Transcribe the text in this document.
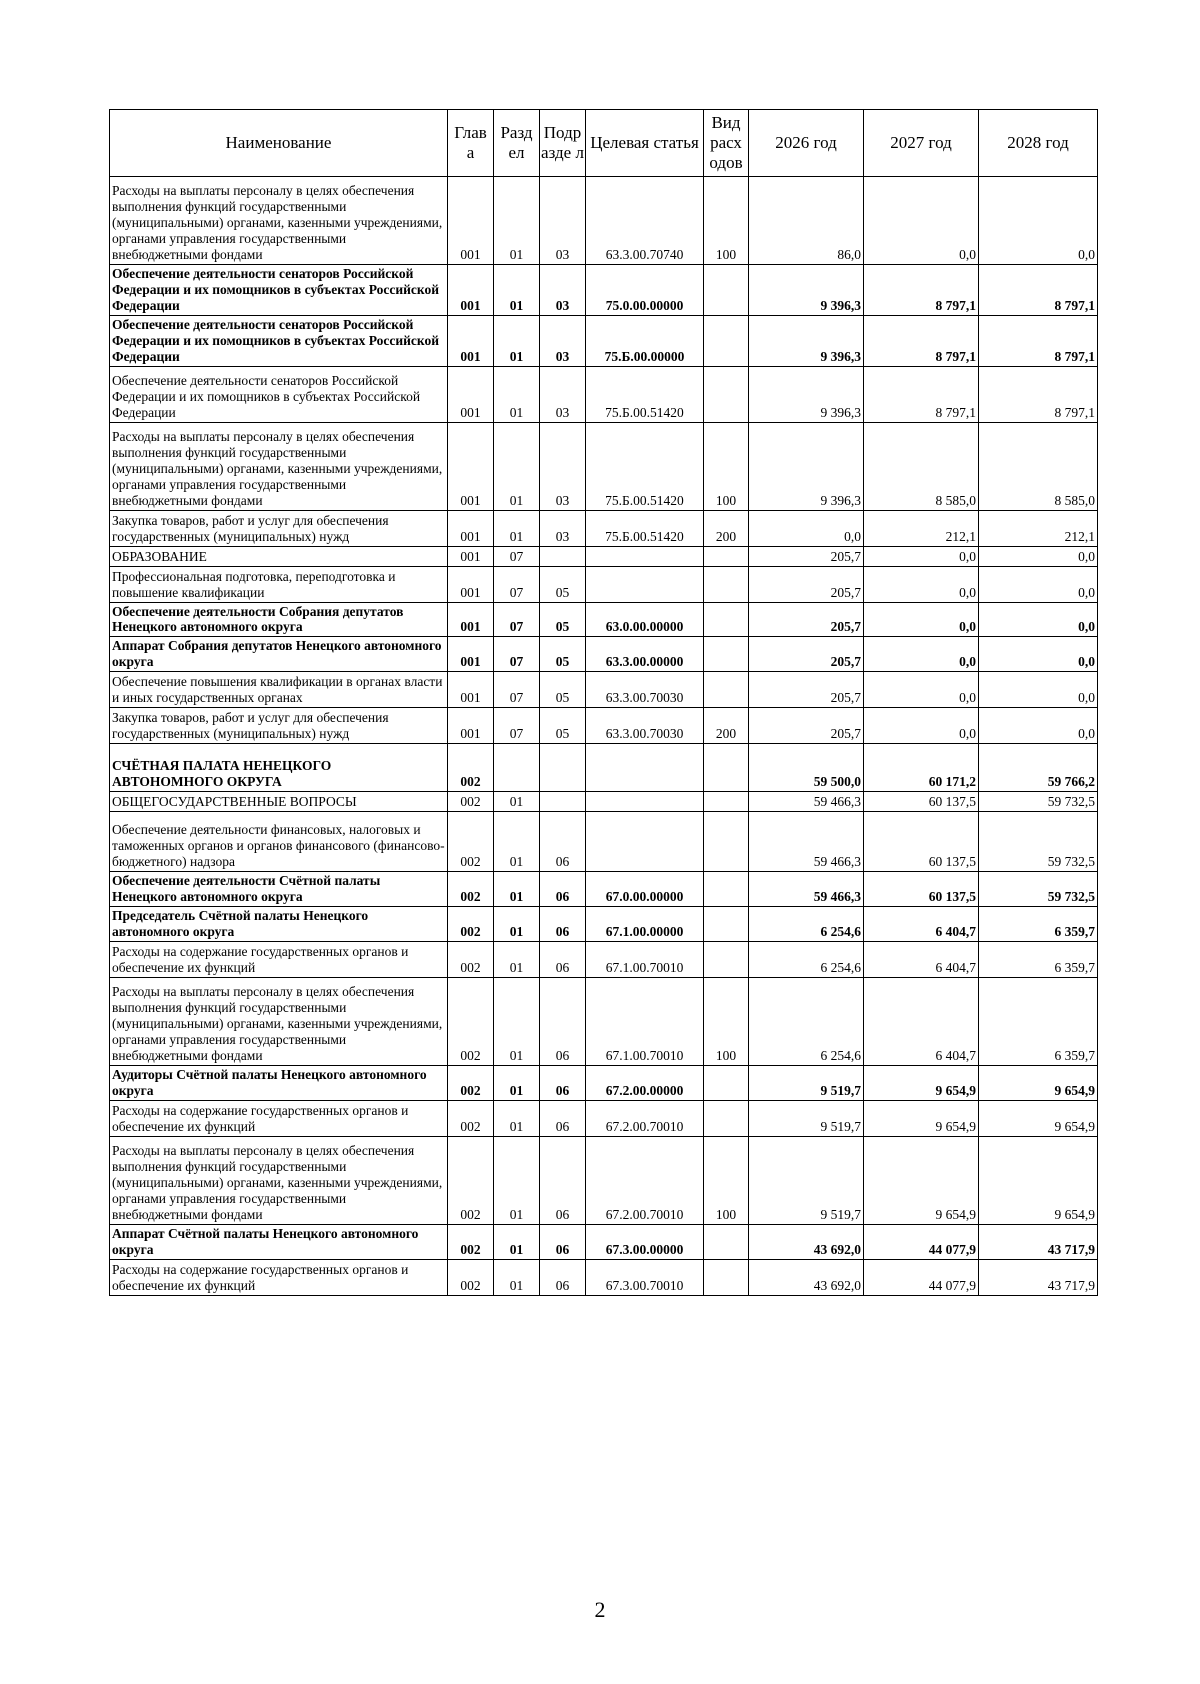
Наименование	Глав а	Разд ел	Подр азде л	Целевая статья	Вид расх одов	2026 год	2027 год	2028 год
Расходы на выплаты персоналу в целях обеспечения выполнения функций государственными (муниципальными) органами, казенными учреждениями, органами управления государственными внебюджетными фондами	001	01	03	63.3.00.70740	100	86,0	0,0	0,0
Обеспечение деятельности сенаторов Российской Федерации и их помощников в субъектах Российской Федерации	001	01	03	75.0.00.00000		9 396,3	8 797,1	8 797,1
Обеспечение деятельности сенаторов Российской Федерации и их помощников в субъектах Российской Федерации	001	01	03	75.Б.00.00000		9 396,3	8 797,1	8 797,1
Обеспечение деятельности сенаторов Российской Федерации и их помощников в субъектах Российской Федерации	001	01	03	75.Б.00.51420		9 396,3	8 797,1	8 797,1
Расходы на выплаты персоналу в целях обеспечения выполнения функций государственными (муниципальными) органами, казенными учреждениями, органами управления государственными внебюджетными фондами	001	01	03	75.Б.00.51420	100	9 396,3	8 585,0	8 585,0
Закупка товаров, работ и услуг для обеспечения государственных (муниципальных) нужд	001	01	03	75.Б.00.51420	200	0,0	212,1	212,1
ОБРАЗОВАНИЕ	001	07				205,7	0,0	0,0
Профессиональная подготовка, переподготовка и повышение квалификации	001	07	05			205,7	0,0	0,0
Обеспечение деятельности Собрания депутатов Ненецкого автономного округа	001	07	05	63.0.00.00000		205,7	0,0	0,0
Аппарат Собрания депутатов Ненецкого автономного округа	001	07	05	63.3.00.00000		205,7	0,0	0,0
Обеспечение повышения квалификации в органах власти и иных государственных органах	001	07	05	63.3.00.70030		205,7	0,0	0,0
Закупка товаров, работ и услуг для обеспечения государственных (муниципальных) нужд	001	07	05	63.3.00.70030	200	205,7	0,0	0,0
СЧЁТНАЯ ПАЛАТА НЕНЕЦКОГО АВТОНОМНОГО ОКРУГА	002					59 500,0	60 171,2	59 766,2
ОБЩЕГОСУДАРСТВЕННЫЕ ВОПРОСЫ	002	01				59 466,3	60 137,5	59 732,5
Обеспечение деятельности финансовых, налоговых и таможенных органов и органов финансового (финансово-бюджетного) надзора	002	01	06			59 466,3	60 137,5	59 732,5
Обеспечение деятельности Счётной палаты Ненецкого автономного округа	002	01	06	67.0.00.00000		59 466,3	60 137,5	59 732,5
Председатель Счётной палаты Ненецкого автономного округа	002	01	06	67.1.00.00000		6 254,6	6 404,7	6 359,7
Расходы на содержание государственных органов и обеспечение их функций	002	01	06	67.1.00.70010		6 254,6	6 404,7	6 359,7
Расходы на выплаты персоналу в целях обеспечения выполнения функций государственными (муниципальными) органами, казенными учреждениями, органами управления государственными внебюджетными фондами	002	01	06	67.1.00.70010	100	6 254,6	6 404,7	6 359,7
Аудиторы Счётной палаты Ненецкого автономного округа	002	01	06	67.2.00.00000		9 519,7	9 654,9	9 654,9
Расходы на содержание государственных органов и обеспечение их функций	002	01	06	67.2.00.70010		9 519,7	9 654,9	9 654,9
Расходы на выплаты персоналу в целях обеспечения выполнения функций государственными (муниципальными) органами, казенными учреждениями, органами управления государственными внебюджетными фондами	002	01	06	67.2.00.70010	100	9 519,7	9 654,9	9 654,9
Аппарат Счётной палаты Ненецкого автономного округа	002	01	06	67.3.00.00000		43 692,0	44 077,9	43 717,9
Расходы на содержание государственных органов и обеспечение их функций	002	01	06	67.3.00.70010		43 692,0	44 077,9	43 717,9
2
